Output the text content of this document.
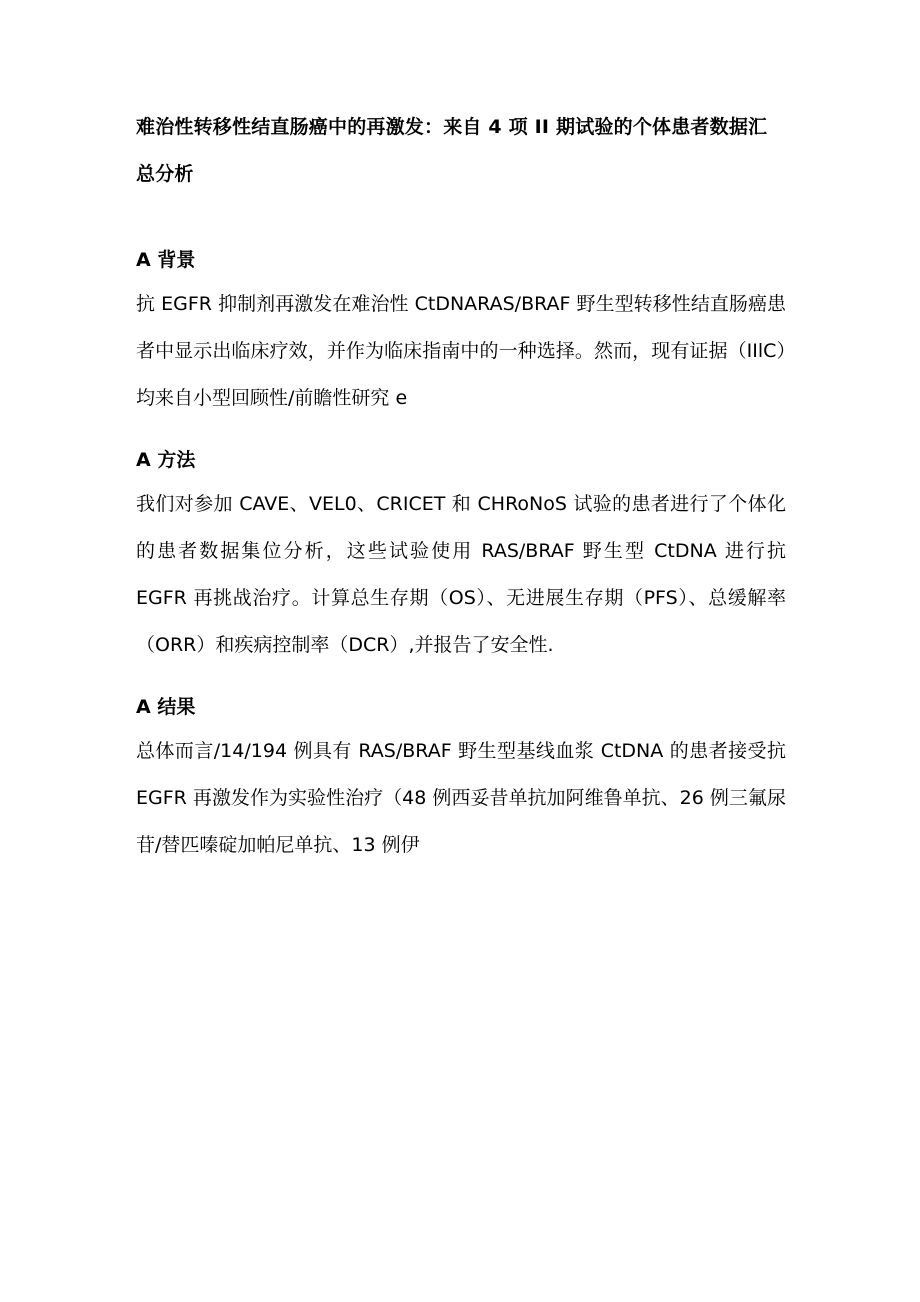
难治性转移性结直肠癌中的再激发：来自 4 项 II 期试验的个体患者数据汇总分析
A 背景

抗 EGFR 抑制剂再激发在难治性 CtDNARAS/BRAF 野生型转移性结直肠癌患者中显示出临床疗效，并作为临床指南中的一种选择。然而，现有证据（IIlC）均来自小型回顾性/前瞻性研究 e

A 方法

我们对参加 CAVE、VEL0、CRICET 和 CHRoNoS 试验的患者进行了个体化的患者数据集位分析，这些试验使用 RAS/BRAF 野生型 CtDNA 进行抗 EGFR 再挑战治疗。计算总生存期（OS）、无进展生存期（PFS）、总缓解率（ORR）和疾病控制率（DCR）,并报告了安全性.

A 结果

总体而言/14/194 例具有 RAS/BRAF 野生型基线血浆 CtDNA 的患者接受抗 EGFR 再激发作为实验性治疗（48 例西妥昔单抗加阿维鲁单抗、26 例三氟尿苷/替匹嗪碇加帕尼单抗、13 例伊
